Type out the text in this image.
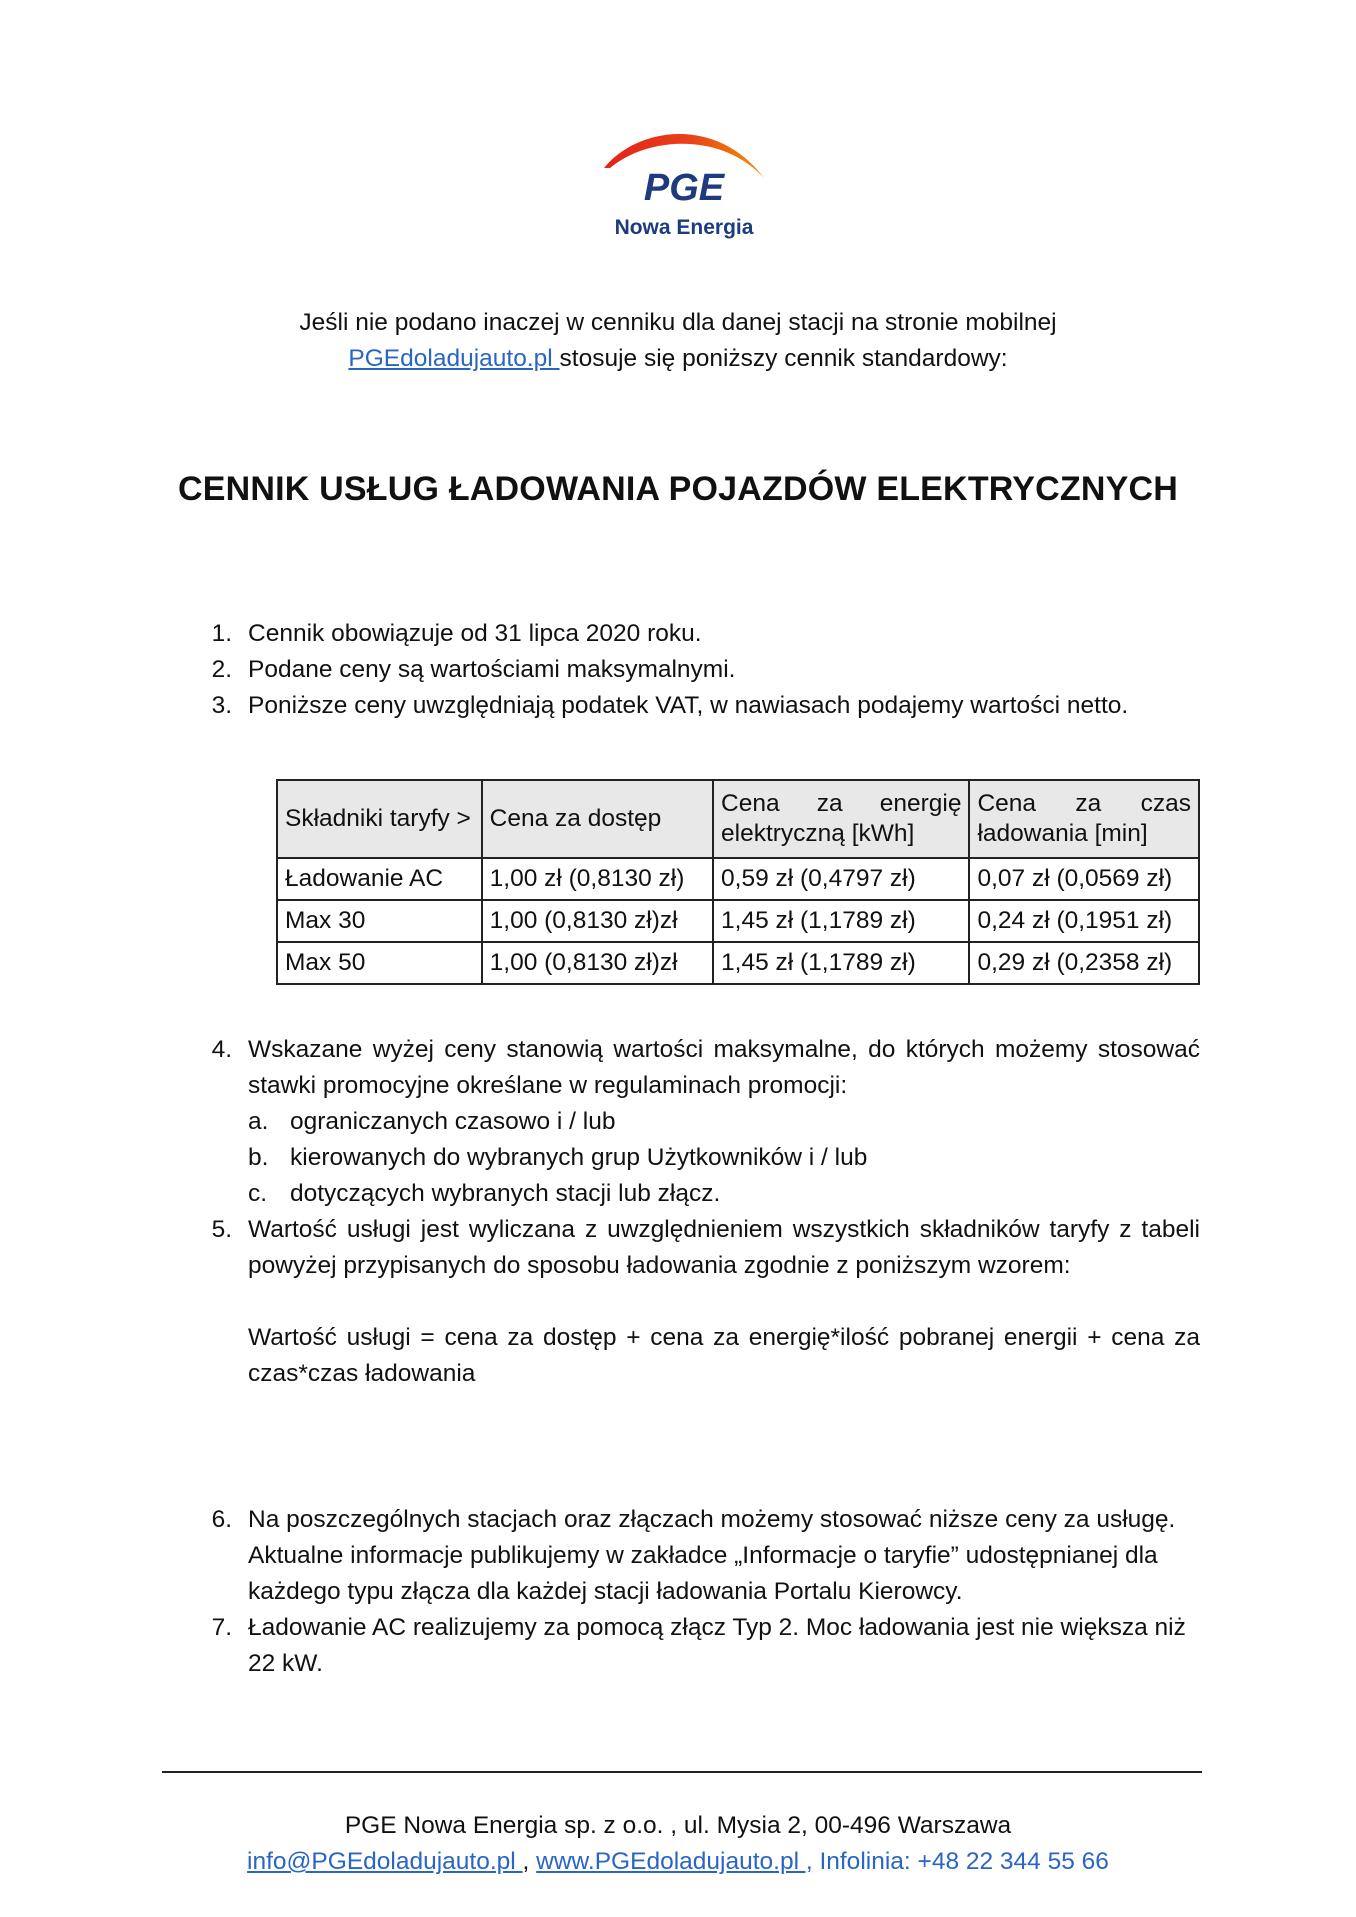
PGE
Nowa Energia
Jeśli nie podano inaczej w cenniku dla danej stacji na stronie mobilnej
PGEdoladujauto.pl stosuje się poniższy cennik standardowy:
CENNIK USŁUG ŁADOWANIA POJAZDÓW ELEKTRYCZNYCH
1. Cennik obowiązuje od 31 lipca 2020 roku.
2. Podane ceny są wartościami maksymalnymi.
3. Poniższe ceny uwzględniają podatek VAT, w nawiasach podajemy wartości netto.
Składniki taryfy >	Cena za dostęp	Cena za energię elektryczną [kWh]	Cena za czas ładowania [min]
Ładowanie AC	1,00 zł (0,8130 zł)	0,59 zł (0,4797 zł)	0,07 zł (0,0569 zł)
Max 30	1,00 (0,8130 zł)zł	1,45 zł (1,1789 zł)	0,24 zł (0,1951 zł)
Max 50	1,00 (0,8130 zł)zł	1,45 zł (1,1789 zł)	0,29 zł (0,2358 zł)
4. Wskazane wyżej ceny stanowią wartości maksymalne, do których możemy stosować stawki promocyjne określane w regulaminach promocji:
a. ograniczanych czasowo i / lub
b. kierowanych do wybranych grup Użytkowników i / lub
c. dotyczących wybranych stacji lub złącz.
5. Wartość usługi jest wyliczana z uwzględnieniem wszystkich składników taryfy z tabeli powyżej przypisanych do sposobu ładowania zgodnie z poniższym wzorem:
Wartość usługi = cena za dostęp + cena za energię*ilość pobranej energii + cena za czas*czas ładowania
6. Na poszczególnych stacjach oraz złączach możemy stosować niższe ceny za usługę. Aktualne informacje publikujemy w zakładce „Informacje o taryfie” udostępnianej dla każdego typu złącza dla każdej stacji ładowania Portalu Kierowcy.
7. Ładowanie AC realizujemy za pomocą złącz Typ 2. Moc ładowania jest nie większa niż 22 kW.
PGE Nowa Energia sp. z o.o. , ul. Mysia 2, 00-496 Warszawa
info@PGEdoladujauto.pl , www.PGEdoladujauto.pl , Infolinia: +48 22 344 55 66
